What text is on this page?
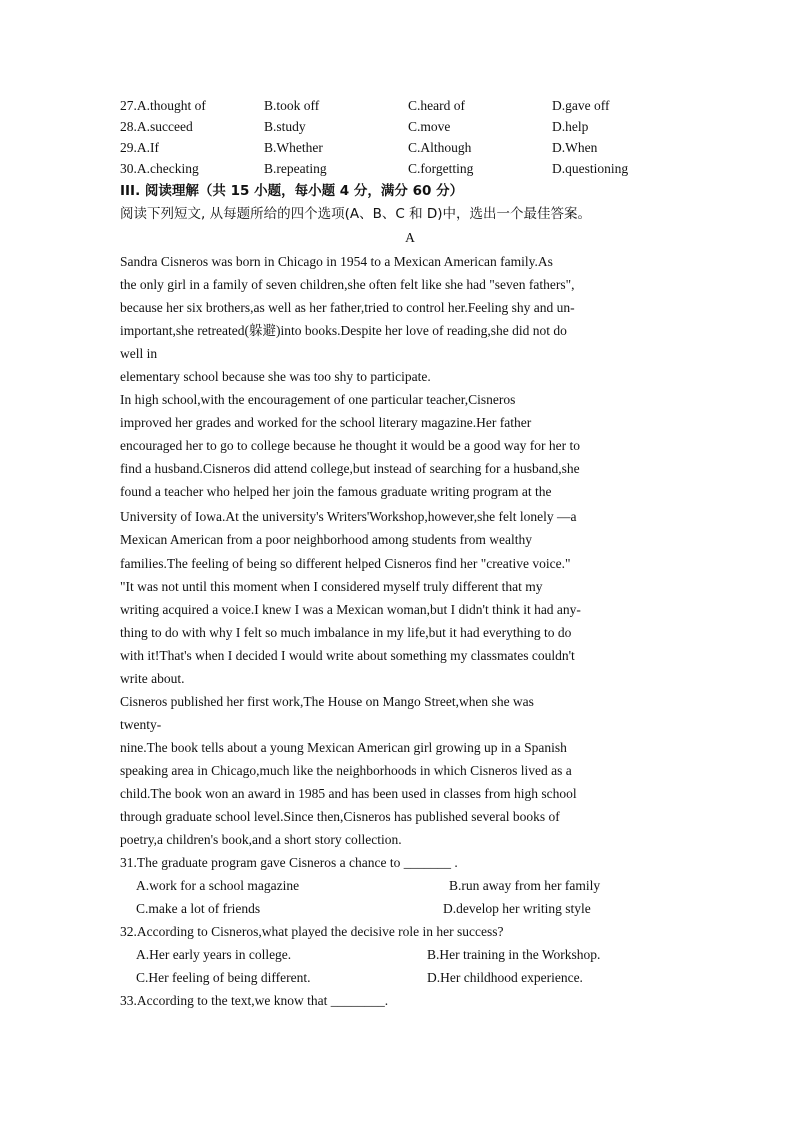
27.A.thought of	B.took off	C.heard of	D.gave off
28.A.succeed	B.study	C.move	D.help
29.A.If	B.Whether	C.Although	D.When
30.A.checking	B.repeating	C.forgetting	D.questioning
III. 阅读理解（共 15 小题，每小题 4 分，满分 60 分）
阅读下列短文, 从每题所给的四个选项(A、B、C 和 D)中，选出一个最佳答案。
A
Sandra Cisneros was born in Chicago in 1954 to a Mexican American family.As
the only girl in a family of seven children,she often felt like she had "seven fathers",
because her six brothers,as well as her father,tried to control her.Feeling shy and un-
important,she retreated(躲避)into books.Despite her love of reading,she did not do
well in
elementary school because she was too shy to participate.
In high school,with the encouragement of one particular teacher,Cisneros
improved her grades and worked for the school literary magazine.Her father
encouraged her to go to college because he thought it would be a good way for her to
find a husband.Cisneros did attend college,but instead of searching for a husband,she
found a teacher who helped her join the famous graduate writing program at the
University of Iowa.At the university's Writers'Workshop,however,she felt lonely —a
Mexican American from a poor neighborhood among students from wealthy
families.The feeling of being so different helped Cisneros find her "creative voice."
"It was not until this moment when I considered myself truly different that my
writing acquired a voice.I knew I was a Mexican woman,but I didn't think it had any-
thing to do with why I felt so much imbalance in my life,but it had everything to do
with it!That's when I decided I would write about something my classmates couldn't
write about.
Cisneros published her first work,The House on Mango Street,when she was
twenty-
nine.The book tells about a young Mexican American girl growing up in a Spanish
speaking area in Chicago,much like the neighborhoods in which Cisneros lived as a
child.The book won an award in 1985 and has been used in classes from high school
through graduate school level.Since then,Cisneros has published several books of
poetry,a children's book,and a short story collection.
31.The graduate program gave Cisneros a chance to _______ .
A.work for a school magazine	B.run away from her family
C.make a lot of friends	D.develop her writing style
32.According to Cisneros,what played the decisive role in her success?
A.Her early years in college.	B.Her training in the Workshop.
C.Her feeling of being different.	D.Her childhood experience.
33.According to the text,we know that ________.
